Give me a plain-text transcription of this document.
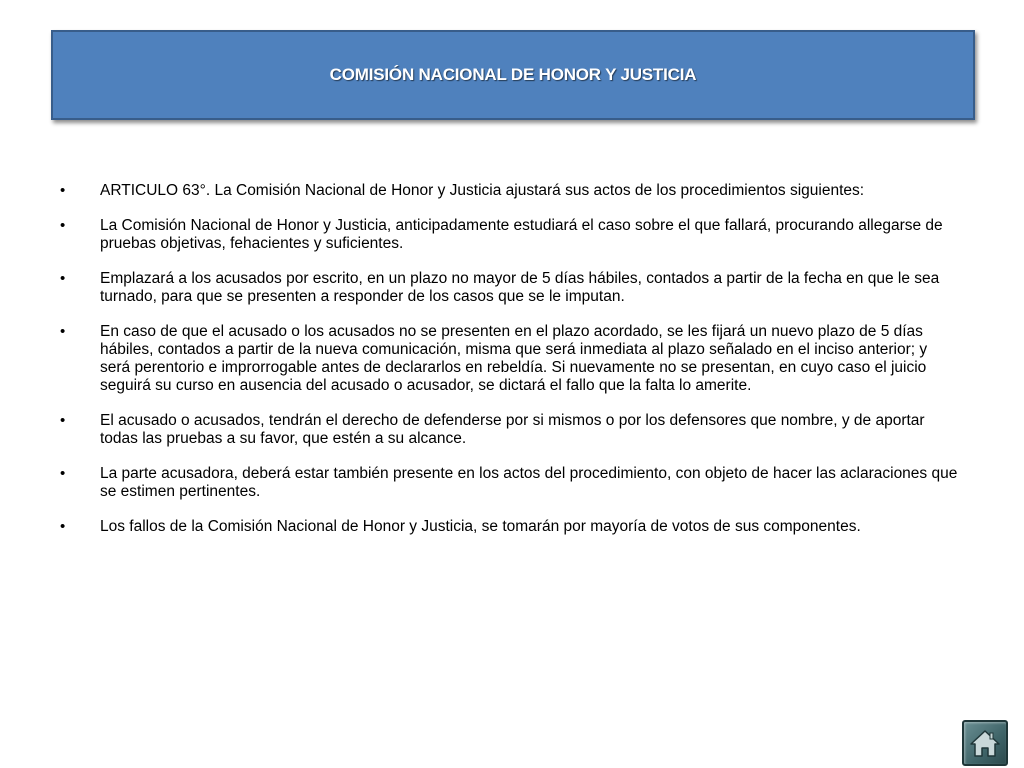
COMISIÓN NACIONAL DE HONOR Y JUSTICIA
• ARTICULO 63°. La Comisión Nacional de Honor y Justicia ajustará sus actos de los procedimientos siguientes:
• La Comisión Nacional de Honor y Justicia, anticipadamente estudiará el caso sobre el que fallará, procurando allegarse de pruebas objetivas, fehacientes y suficientes.
• Emplazará a los acusados por escrito, en un plazo no mayor de 5 días hábiles, contados a partir de la fecha en que le sea turnado, para que se presenten a responder de los casos que se le imputan.
• En caso de que el acusado o los acusados no se presenten en el plazo acordado, se les fijará un nuevo plazo de 5 días hábiles, contados a partir de la nueva comunicación, misma que será inmediata al plazo señalado en el inciso anterior; y será perentorio e improrrogable antes de declararlos en rebeldía. Si nuevamente no se presentan, en cuyo caso el juicio seguirá su curso en ausencia del acusado o acusador, se dictará el fallo que la falta lo amerite.
• El acusado o acusados, tendrán el derecho de defenderse por si mismos o por los defensores que nombre, y de aportar todas las pruebas a su favor, que estén a su alcance.
• La parte acusadora, deberá estar también presente en los actos del procedimiento, con objeto de hacer las aclaraciones que se estimen pertinentes.
• Los fallos de la Comisión Nacional de Honor y Justicia, se tomarán por mayoría de votos de sus componentes.
